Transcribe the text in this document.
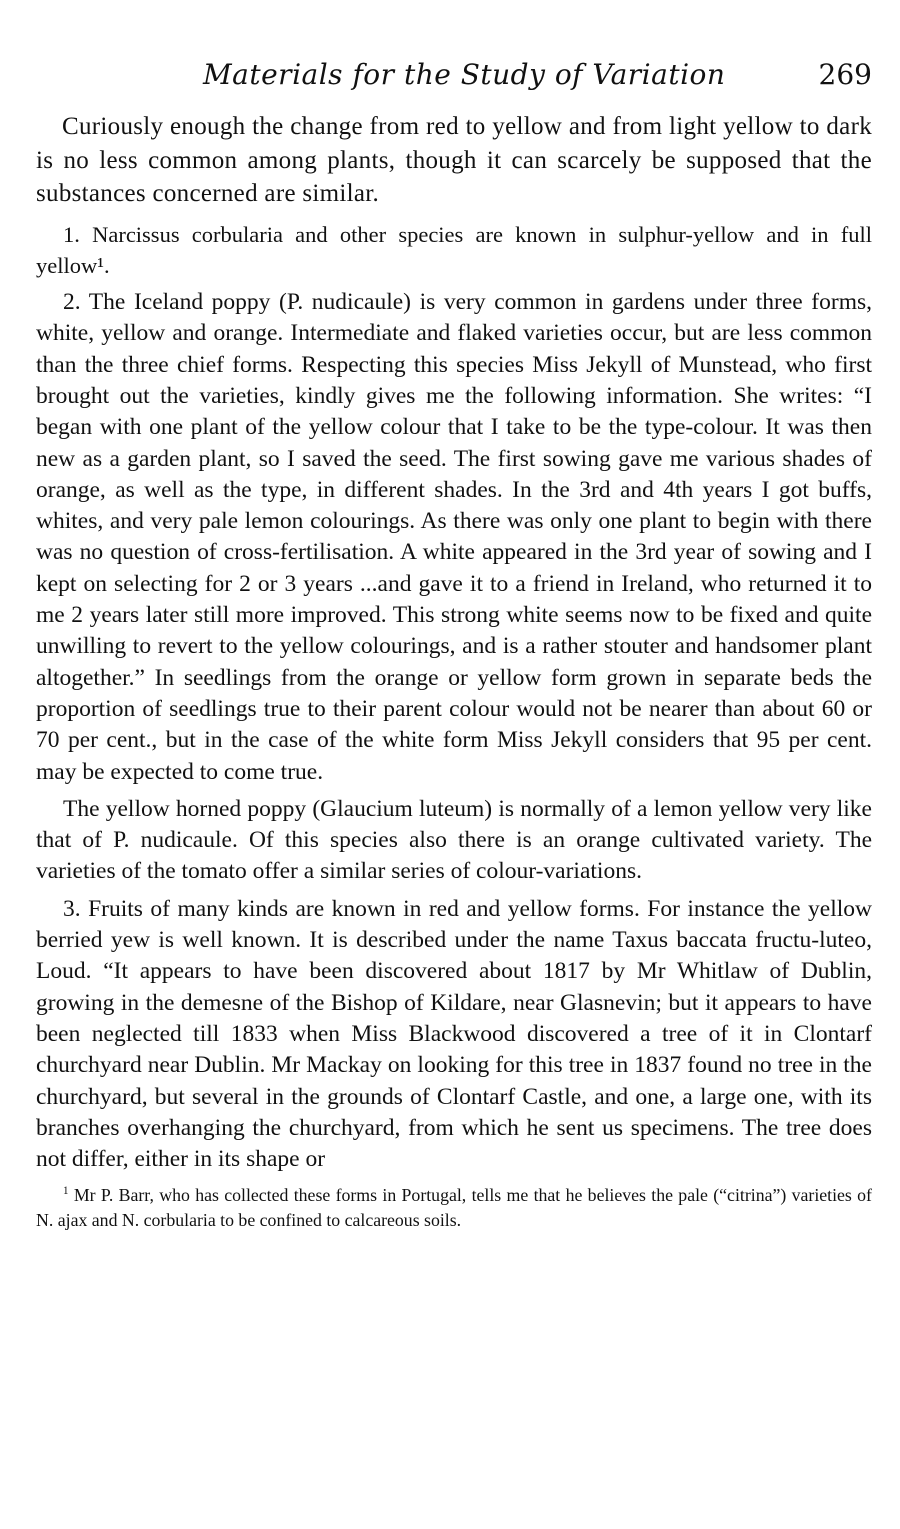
Materials for the Study of Variation	269

Curiously enough the change from red to yellow and from light yellow to dark is no less common among plants, though it can scarcely be supposed that the substances concerned are similar.

1. Narcissus corbularia and other species are known in sulphur-yellow and in full yellow¹.

2. The Iceland poppy (P. nudicaule) is very common in gardens under three forms, white, yellow and orange. Intermediate and flaked varieties occur, but are less common than the three chief forms. Respecting this species Miss Jekyll of Munstead, who first brought out the varieties, kindly gives me the following information. She writes: “I began with one plant of the yellow colour that I take to be the type-colour. It was then new as a garden plant, so I saved the seed. The first sowing gave me various shades of orange, as well as the type, in different shades. In the 3rd and 4th years I got buffs, whites, and very pale lemon colourings. As there was only one plant to begin with there was no question of cross-fertilisation. A white appeared in the 3rd year of sowing and I kept on selecting for 2 or 3 years ...and gave it to a friend in Ireland, who returned it to me 2 years later still more improved. This strong white seems now to be fixed and quite unwilling to revert to the yellow colourings, and is a rather stouter and handsomer plant altogether.” In seedlings from the orange or yellow form grown in separate beds the proportion of seedlings true to their parent colour would not be nearer than about 60 or 70 per cent., but in the case of the white form Miss Jekyll considers that 95 per cent. may be expected to come true.

The yellow horned poppy (Glaucium luteum) is normally of a lemon yellow very like that of P. nudicaule. Of this species also there is an orange cultivated variety. The varieties of the tomato offer a similar series of colour-variations.

3. Fruits of many kinds are known in red and yellow forms. For instance the yellow berried yew is well known. It is described under the name Taxus baccata fructu-luteo, Loud. “It appears to have been discovered about 1817 by Mr Whitlaw of Dublin, growing in the demesne of the Bishop of Kildare, near Glasnevin; but it appears to have been neglected till 1833 when Miss Blackwood discovered a tree of it in Clontarf churchyard near Dublin. Mr Mackay on looking for this tree in 1837 found no tree in the churchyard, but several in the grounds of Clontarf Castle, and one, a large one, with its branches overhanging the churchyard, from which he sent us specimens. The tree does not differ, either in its shape or

$^1$ Mr P. Barr, who has collected these forms in Portugal, tells me that he believes the pale (“citrina”) varieties of N. ajax and N. corbularia to be confined to calcareous soils.
